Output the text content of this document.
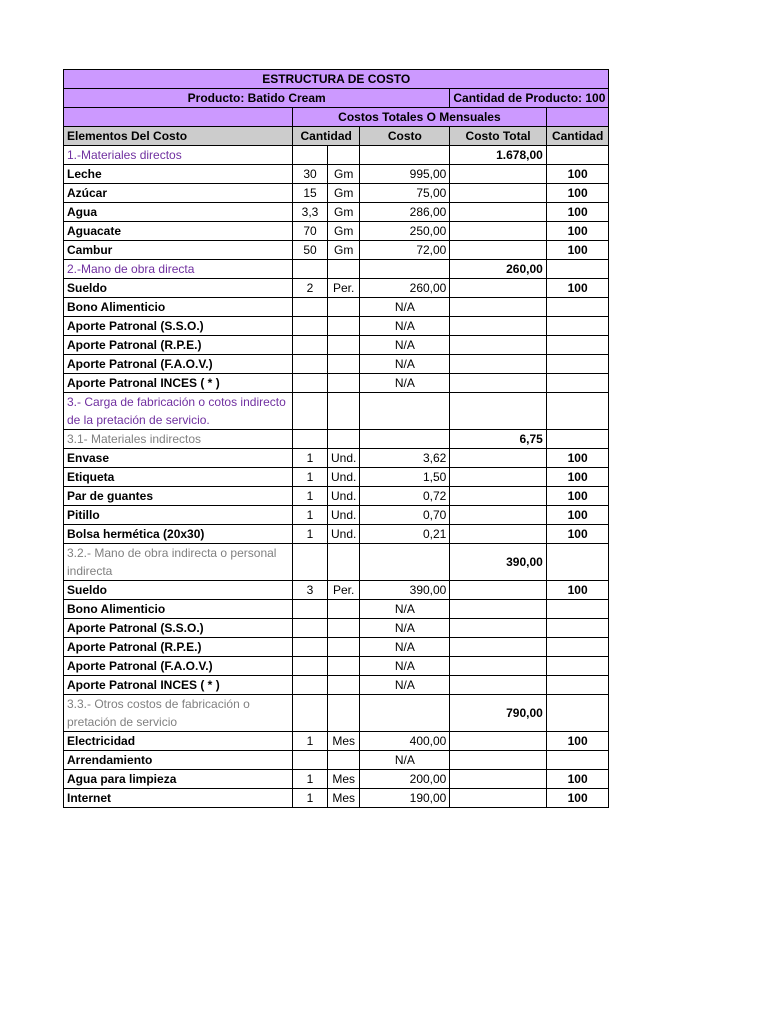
ESTRUCTURA DE COSTO					
Producto: Batido Cream				Cantidad de Producto: 100	
	Costos Totales O Mensuales				
Elementos Del Costo	Cantidad		Costo	Costo Total	Cantidad
1.-Materiales directos				1.678,00	
Leche	30	Gm	995,00		100
Azúcar	15	Gm	75,00		100
Agua	3,3	Gm	286,00		100
Aguacate	70	Gm	250,00		100
Cambur	50	Gm	72,00		100
2.-Mano de obra directa				260,00	
Sueldo	2	Per.	260,00		100
Bono Alimenticio			N/A		
Aporte Patronal (S.S.O.)			N/A		
Aporte Patronal (R.P.E.)			N/A		
Aporte Patronal (F.A.O.V.)			N/A		
Aporte Patronal INCES ( * )			N/A		
3.- Carga de fabricación o cotos indirecto de la pretación de servicio.					
3.1- Materiales indirectos				6,75	
Envase	1	Und.	3,62		100
Etiqueta	1	Und.	1,50		100
Par de guantes	1	Und.	0,72		100
Pitillo	1	Und.	0,70		100
Bolsa hermética (20x30)	1	Und.	0,21		100
3.2.- Mano de obra indirecta o personal indirecta				390,00	
Sueldo	3	Per.	390,00		100
Bono Alimenticio			N/A		
Aporte Patronal (S.S.O.)			N/A		
Aporte Patronal (R.P.E.)			N/A		
Aporte Patronal (F.A.O.V.)			N/A		
Aporte Patronal INCES ( * )			N/A		
3.3.- Otros costos de fabricación o pretación de servicio				790,00	
Electricidad	1	Mes	400,00		100
Arrendamiento			N/A		
Agua para limpieza	1	Mes	200,00		100
Internet	1	Mes	190,00		100
